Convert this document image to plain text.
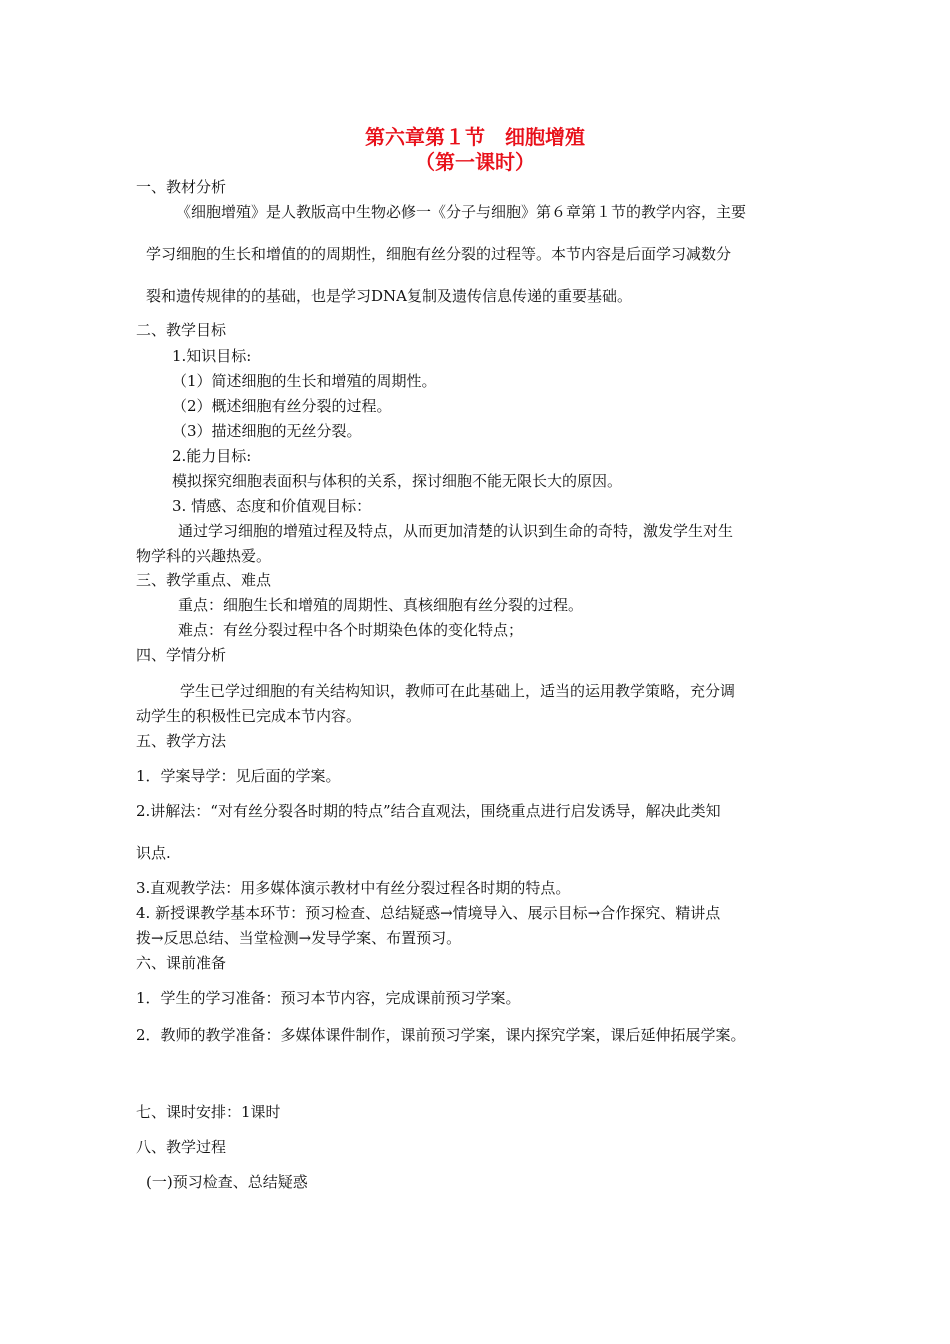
第六章第１节　细胞增殖
（第一课时）
一、教材分析
《细胞增殖》是人教版高中生物必修一《分子与细胞》第６章第１节的教学内容，主要
学习细胞的生长和增值的的周期性，细胞有丝分裂的过程等。本节内容是后面学习减数分
裂和遗传规律的的基础，也是学习DNA复制及遗传信息传递的重要基础。
二、教学目标
1.知识目标:
（1）简述细胞的生长和增殖的周期性。
（2）概述细胞有丝分裂的过程。
（3）描述细胞的无丝分裂。
2.能力目标:
模拟探究细胞表面积与体积的关系，探讨细胞不能无限长大的原因。
3. 情感、态度和价值观目标：
通过学习细胞的增殖过程及特点，从而更加清楚的认识到生命的奇特，激发学生对生
物学科的兴趣热爱。
三、教学重点、难点
重点：细胞生长和增殖的周期性、真核细胞有丝分裂的过程。
难点：有丝分裂过程中各个时期染色体的变化特点；
四、学情分析
学生已学过细胞的有关结构知识，教师可在此基础上，适当的运用教学策略，充分调
动学生的积极性已完成本节内容。
五、教学方法
1．学案导学：见后面的学案。
2.讲解法：“对有丝分裂各时期的特点”结合直观法，围绕重点进行启发诱导，解决此类知
识点.
3.直观教学法：用多媒体演示教材中有丝分裂过程各时期的特点。
4. 新授课教学基本环节：预习检查、总结疑惑→情境导入、展示目标→合作探究、精讲点
拨→反思总结、当堂检测→发导学案、布置预习。
六、课前准备
1．学生的学习准备：预习本节内容，完成课前预习学案。
2．教师的教学准备：多媒体课件制作，课前预习学案，课内探究学案，课后延伸拓展学案。
七、课时安排：1课时
八、教学过程
(一)预习检查、总结疑惑
